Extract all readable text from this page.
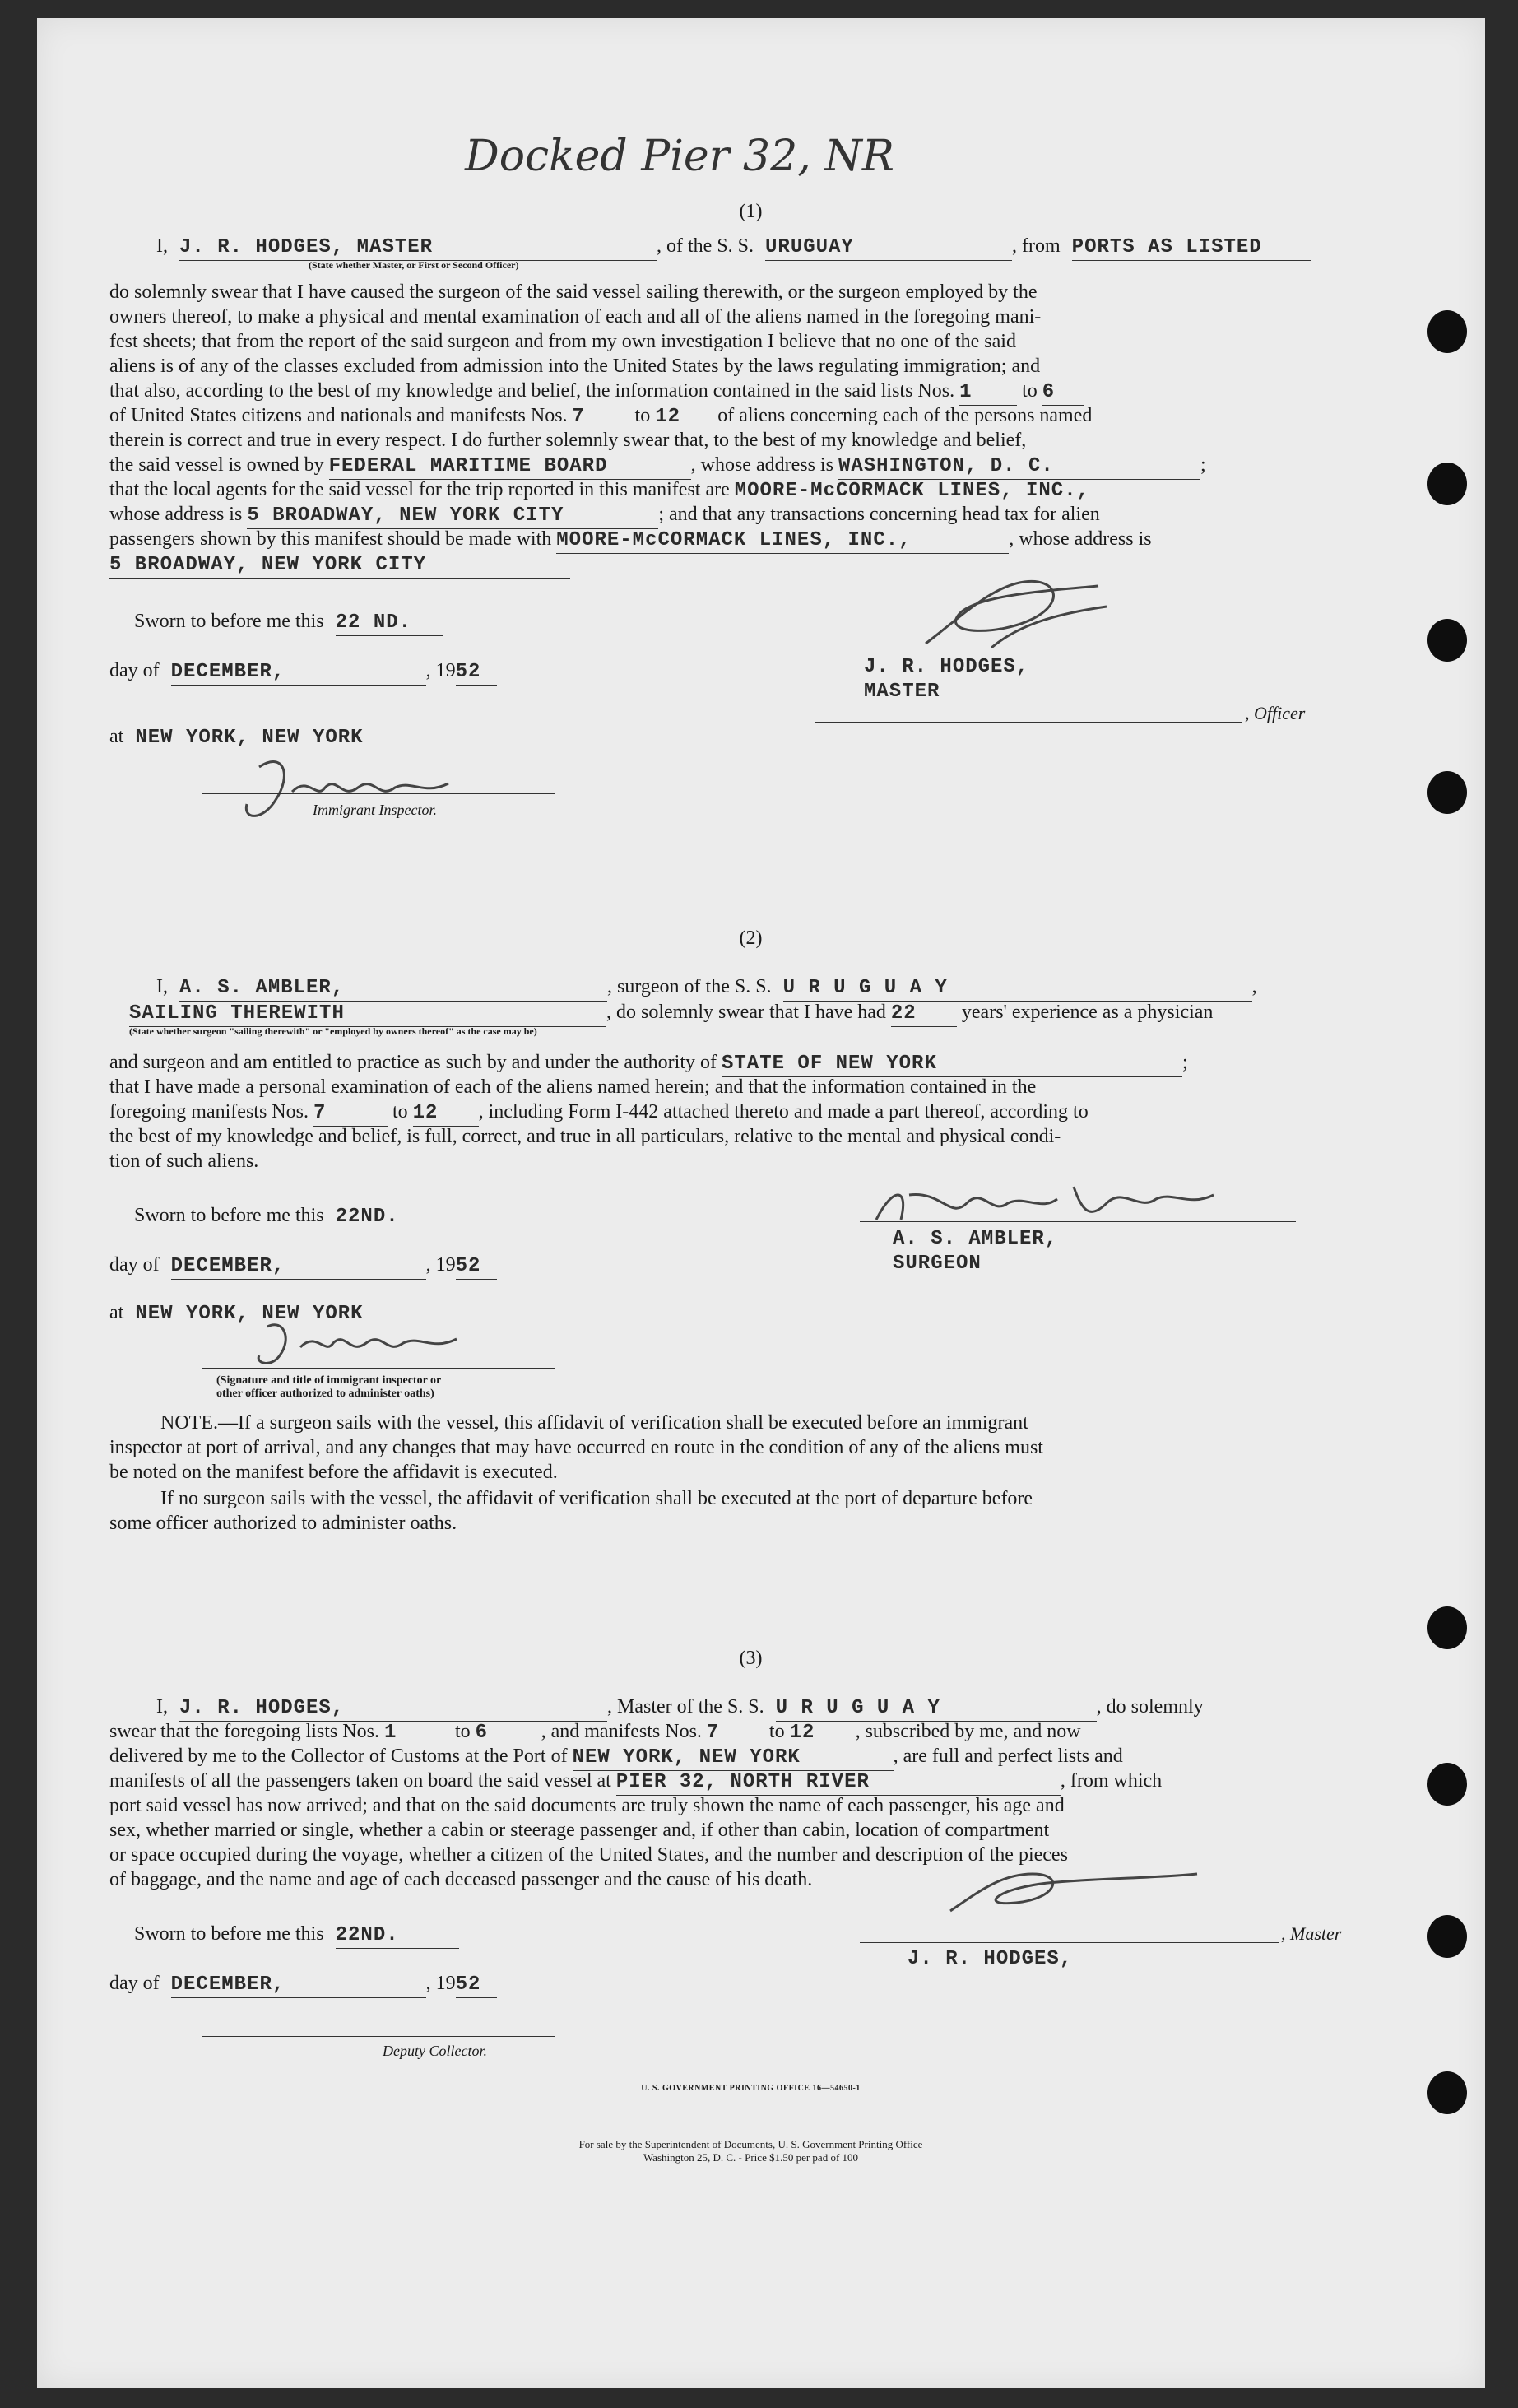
Docked Pier 32, NR
(1)
I, J. R. HODGES, MASTER	, of the S. S. URUGUAY	, from PORTS AS LISTED
(State whether Master, or First or Second Officer)
do solemnly swear that I have caused the surgeon of the said vessel sailing therewith, or the surgeon employed by the
owners thereof, to make a physical and mental examination of each and all of the aliens named in the foregoing mani-
fest sheets; that from the report of the said surgeon and from my own investigation I believe that no one of the said
aliens is of any of the classes excluded from admission into the United States by the laws regulating immigration; and
that also, according to the best of my knowledge and belief, the information contained in the said lists Nos. 1	to 6
of United States citizens and nationals and manifests Nos. 7	to 12 of aliens concerning each of the persons named
therein is correct and true in every respect. I do further solemnly swear that, to the best of my knowledge and belief,
the said vessel is owned by FEDERAL MARITIME BOARD	, whose address is WASHINGTON, D. C.	;
that the local agents for the said vessel for the trip reported in this manifest are MOORE-McCORMACK LINES, INC.,
whose address is 5 BROADWAY, NEW YORK CITY	; and that any transactions concerning head tax for alien
passengers shown by this manifest should be made with MOORE-McCORMACK LINES, INC.,	, whose address is
5 BROADWAY, NEW YORK CITY
Sworn to before me this 22 ND.
day of DECEMBER,	, 1952
at NEW YORK, NEW YORK
Immigrant Inspector.
J. R. HODGES,
MASTER
, Officer
(2)
I, A. S. AMBLER,	, surgeon of the S. S. U R U G U A Y	,
SAILING THEREWITH	, do solemnly swear that I have had 22 years' experience as a physician
(State whether surgeon "sailing therewith" or "employed by owners thereof" as the case may be)
and surgeon and am entitled to practice as such by and under the authority of STATE OF NEW YORK	;
that I have made a personal examination of each of the aliens named herein; and that the information contained in the
foregoing manifests Nos. 7	to 12 , including Form I-442 attached thereto and made a part thereof, according to
the best of my knowledge and belief, is full, correct, and true in all particulars, relative to the mental and physical condi-
tion of such aliens.
Sworn to before me this 22ND.
day of DECEMBER,	, 1952
at NEW YORK, NEW YORK
(Signature and title of immigrant inspector or
other officer authorized to administer oaths)
A. S. AMBLER,
SURGEON
NOTE.—If a surgeon sails with the vessel, this affidavit of verification shall be executed before an immigrant
inspector at port of arrival, and any changes that may have occurred en route in the condition of any of the aliens must
be noted on the manifest before the affidavit is executed.
If no surgeon sails with the vessel, the affidavit of verification shall be executed at the port of departure before
some officer authorized to administer oaths.
(3)
I, J. R. HODGES,	, Master of the S. S. U R U G U A Y	, do solemnly
swear that the foregoing lists Nos. 1	to 6	, and manifests Nos. 7	to 12 , subscribed by me, and now
delivered by me to the Collector of Customs at the Port of NEW YORK, NEW YORK	, are full and perfect lists and
manifests of all the passengers taken on board the said vessel at PIER 32, NORTH RIVER	, from which
port said vessel has now arrived; and that on the said documents are truly shown the name of each passenger, his age and
sex, whether married or single, whether a cabin or steerage passenger and, if other than cabin, location of compartment
or space occupied during the voyage, whether a citizen of the United States, and the number and description of the pieces
of baggage, and the name and age of each deceased passenger and the cause of his death.
Sworn to before me this 22ND.
day of DECEMBER,	, 1952
Deputy Collector.
, Master
J. R. HODGES,
U. S. GOVERNMENT PRINTING OFFICE 16—54650-1
For sale by the Superintendent of Documents, U. S. Government Printing Office
Washington 25, D. C. - Price $1.50 per pad of 100
